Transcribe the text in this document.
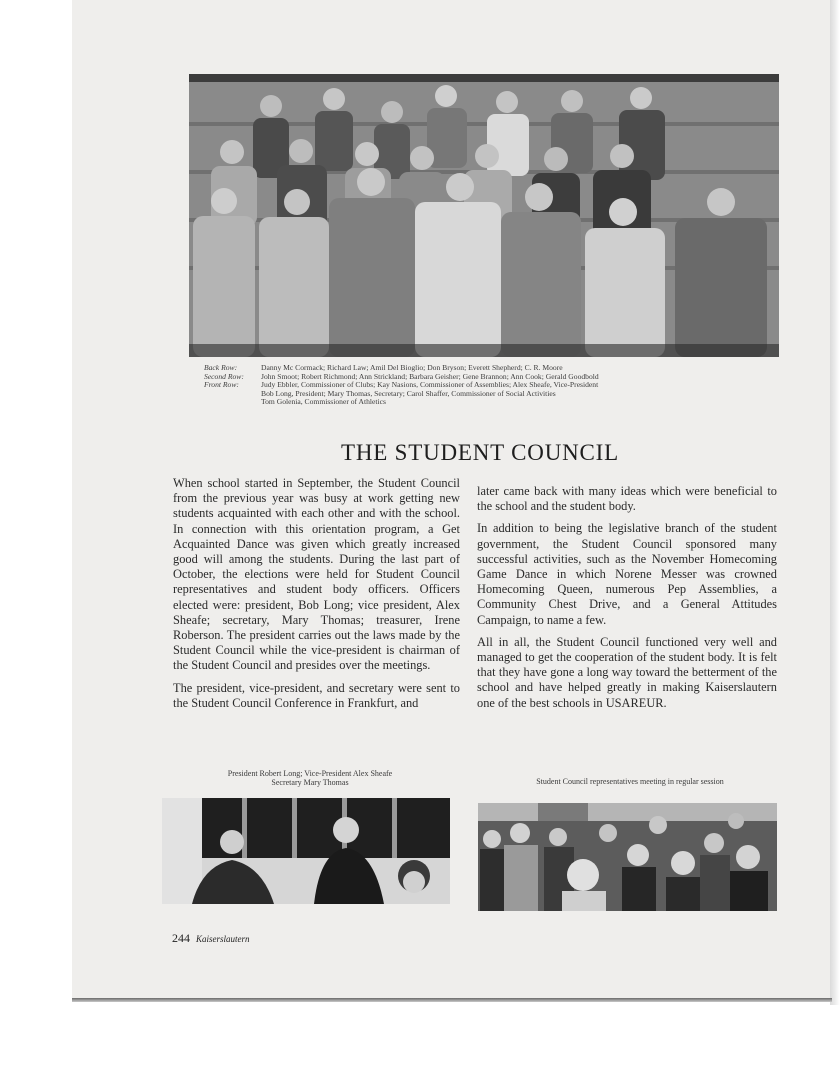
Back Row:	Danny Mc Cormack; Richard Law; Amil Del Bioglio; Don Bryson; Everett Shepherd; C. R. Moore
Second Row:	John Smoot; Robert Richmond; Ann Strickland; Barbara Geisher; Gene Brannon; Ann Cook; Gerald Goodbold
Front Row:	Judy Ebbler, Commissioner of Clubs; Kay Nasions, Commissioner of Assemblies; Alex Sheafe, Vice-President
Bob Long, President; Mary Thomas, Secretary; Carol Shaffer, Commissioner of Social Activities
Tom Golenia, Commissioner of Athletics
THE STUDENT COUNCIL

When school started in September, the Student Council from the previous year was busy at work getting new students acquainted with each other and with the school. In connection with this orientation program, a Get Acquainted Dance was given which greatly increased good will among the students. During the last part of October, the elections were held for Student Council representatives and student body officers. Officers elected were: president, Bob Long; vice president, Alex Sheafe; secretary, Mary Thomas; treasurer, Irene Roberson. The president carries out the laws made by the Student Council while the vice-president is chairman of the Student Council and presides over the meetings.

The president, vice-president, and secretary were sent to the Student Council Conference in Frankfurt, and

later came back with many ideas which were beneficial to the school and the student body.

In addition to being the legislative branch of the student government, the Student Council sponsored many successful activities, such as the November Homecoming Game Dance in which Norene Messer was crowned Homecoming Queen, numerous Pep Assemblies, a Community Chest Drive, and a General Attitudes Campaign, to name a few.

All in all, the Student Council functioned very well and managed to get the cooperation of the student body. It is felt that they have gone a long way toward the betterment of the school and have helped greatly in making Kaiserslautern one of the best schools in USAREUR.

President Robert Long; Vice-President Alex Sheafe
Secretary Mary Thomas	Student Council representatives meeting in regular session
244 Kaiserslautern
